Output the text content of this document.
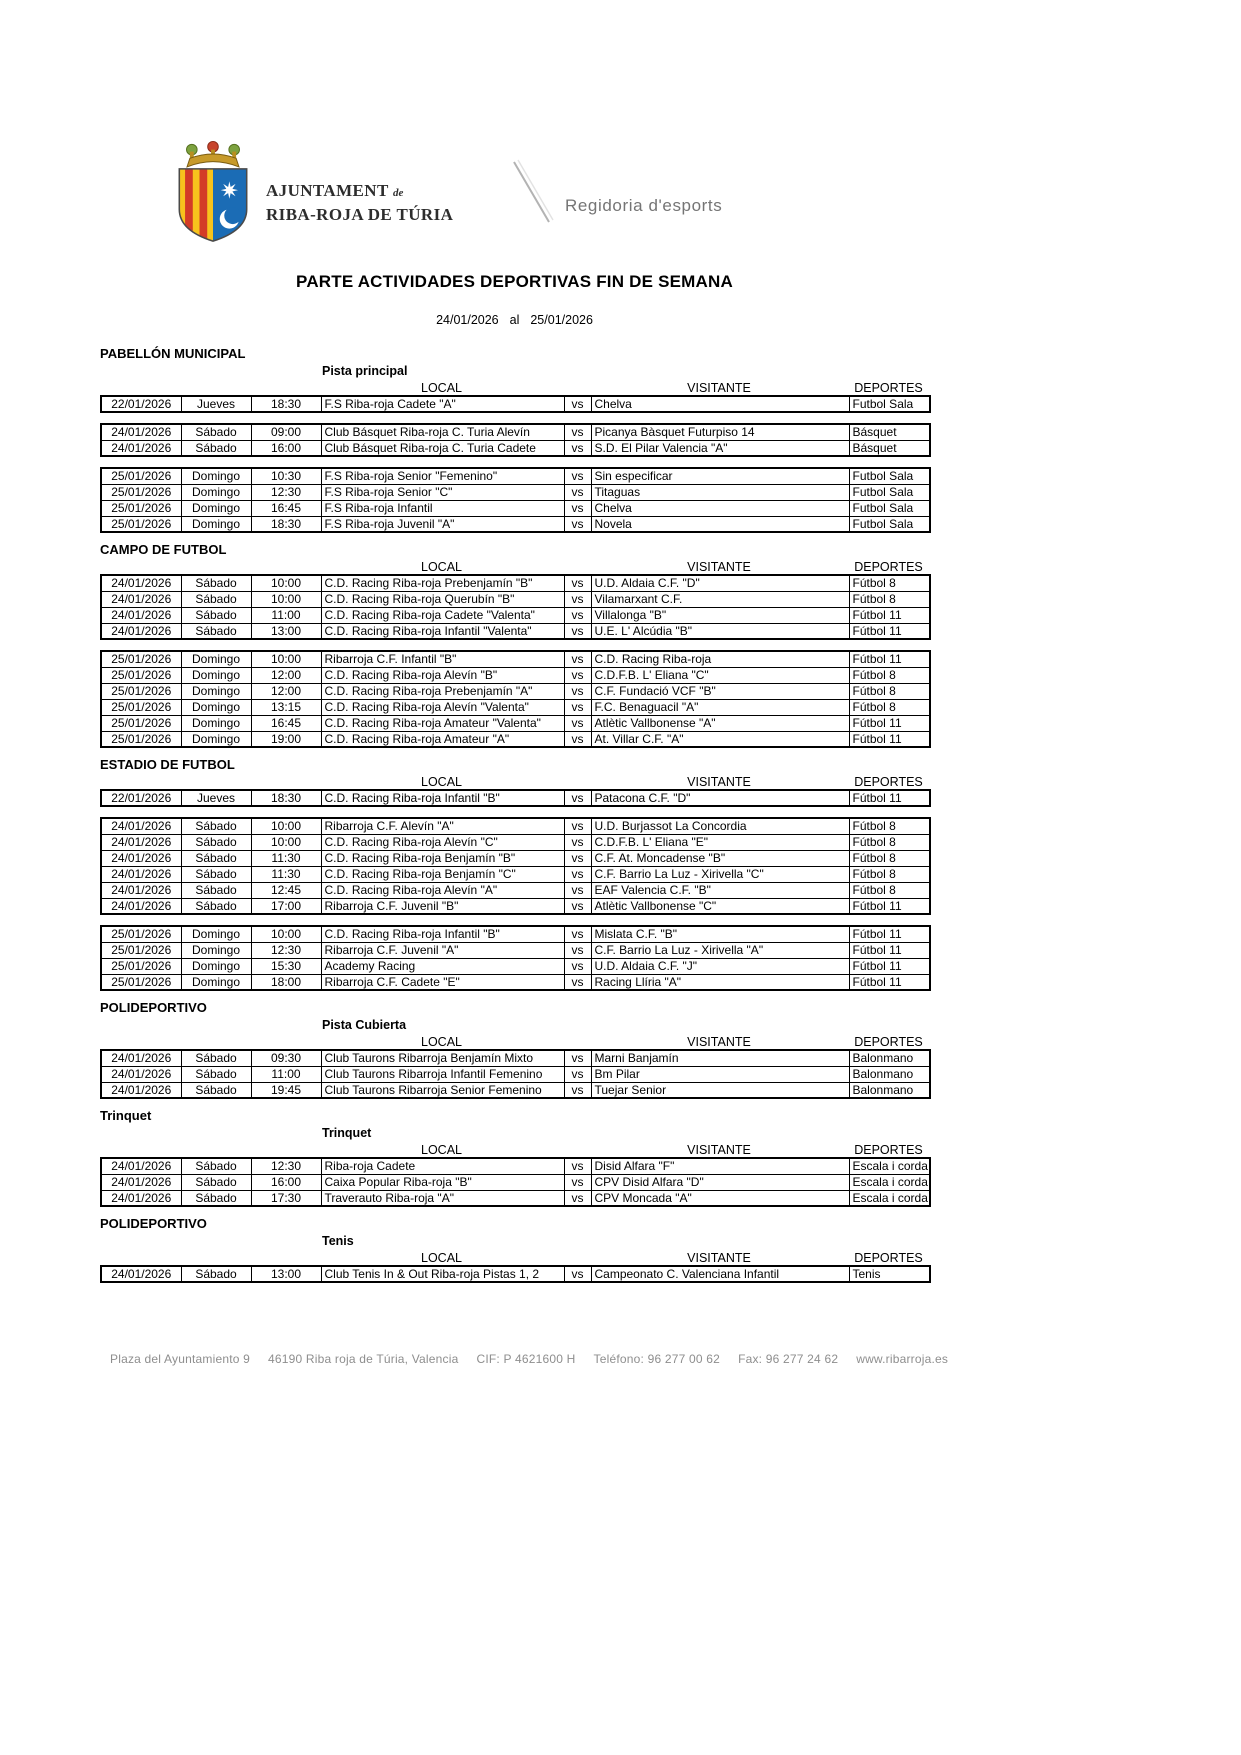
AJUNTAMENT de
RIBA-ROJA DE TÚRIA	Regidoria d'esports
PARTE ACTIVIDADES DEPORTIVAS FIN DE SEMANA
24/01/2026 al 25/01/2026
PABELLÓN MUNICIPAL
Pista principal
LOCAL	VISITANTE	DEPORTES
22/01/2026	Jueves	18:30	F.S Riba-roja Cadete "A"	vs	Chelva	Futbol Sala
24/01/2026	Sábado	09:00	Club Básquet Riba-roja C. Turia Alevín	vs	Picanya Bàsquet Futurpiso 14	Básquet
24/01/2026	Sábado	16:00	Club Básquet Riba-roja C. Turia Cadete	vs	S.D. El Pilar Valencia "A"	Básquet
25/01/2026	Domingo	10:30	F.S Riba-roja Senior "Femenino"	vs	Sin especificar	Futbol Sala
25/01/2026	Domingo	12:30	F.S Riba-roja Senior "C"	vs	Titaguas	Futbol Sala
25/01/2026	Domingo	16:45	F.S Riba-roja Infantil	vs	Chelva	Futbol Sala
25/01/2026	Domingo	18:30	F.S Riba-roja Juvenil "A"	vs	Novela	Futbol Sala
CAMPO DE FUTBOL
LOCAL	VISITANTE	DEPORTES
24/01/2026	Sábado	10:00	C.D. Racing Riba-roja Prebenjamín "B"	vs	U.D. Aldaia C.F. "D"	Fútbol 8
24/01/2026	Sábado	10:00	C.D. Racing Riba-roja Querubín "B"	vs	Vilamarxant C.F.	Fútbol 8
24/01/2026	Sábado	11:00	C.D. Racing Riba-roja Cadete "Valenta"	vs	Villalonga "B"	Fútbol 11
24/01/2026	Sábado	13:00	C.D. Racing Riba-roja Infantil "Valenta"	vs	U.E. L' Alcúdia "B"	Fútbol 11
25/01/2026	Domingo	10:00	Ribarroja C.F. Infantil "B"	vs	C.D. Racing Riba-roja	Fútbol 11
25/01/2026	Domingo	12:00	C.D. Racing Riba-roja Alevín "B"	vs	C.D.F.B. L' Eliana "C"	Fútbol 8
25/01/2026	Domingo	12:00	C.D. Racing Riba-roja Prebenjamín "A"	vs	C.F. Fundació VCF "B"	Fútbol 8
25/01/2026	Domingo	13:15	C.D. Racing Riba-roja Alevín "Valenta"	vs	F.C. Benaguacil "A"	Fútbol 8
25/01/2026	Domingo	16:45	C.D. Racing Riba-roja Amateur "Valenta"	vs	Atlètic Vallbonense "A"	Fútbol 11
25/01/2026	Domingo	19:00	C.D. Racing Riba-roja Amateur "A"	vs	At. Villar C.F. "A"	Fútbol 11
ESTADIO DE FUTBOL
LOCAL	VISITANTE	DEPORTES
22/01/2026	Jueves	18:30	C.D. Racing Riba-roja Infantil "B"	vs	Patacona C.F. "D"	Fútbol 11
24/01/2026	Sábado	10:00	Ribarroja C.F. Alevín "A"	vs	U.D. Burjassot La Concordia	Fútbol 8
24/01/2026	Sábado	10:00	C.D. Racing Riba-roja Alevín "C"	vs	C.D.F.B. L' Eliana "E"	Fútbol 8
24/01/2026	Sábado	11:30	C.D. Racing Riba-roja Benjamín "B"	vs	C.F. At. Moncadense "B"	Fútbol 8
24/01/2026	Sábado	11:30	C.D. Racing Riba-roja Benjamín "C"	vs	C.F. Barrio La Luz - Xirivella "C"	Fútbol 8
24/01/2026	Sábado	12:45	C.D. Racing Riba-roja Alevín "A"	vs	EAF Valencia C.F. "B"	Fútbol 8
24/01/2026	Sábado	17:00	Ribarroja C.F. Juvenil "B"	vs	Atlètic Vallbonense "C"	Fútbol 11
25/01/2026	Domingo	10:00	C.D. Racing Riba-roja Infantil "B"	vs	Mislata C.F. "B"	Fútbol 11
25/01/2026	Domingo	12:30	Ribarroja C.F. Juvenil "A"	vs	C.F. Barrio La Luz - Xirivella "A"	Fútbol 11
25/01/2026	Domingo	15:30	Academy Racing	vs	U.D. Aldaia C.F. "J"	Fútbol 11
25/01/2026	Domingo	18:00	Ribarroja C.F. Cadete "E"	vs	Racing Llíria "A"	Fútbol 11
POLIDEPORTIVO
Pista Cubierta
LOCAL	VISITANTE	DEPORTES
24/01/2026	Sábado	09:30	Club Taurons Ribarroja Benjamín Mixto	vs	Marni Banjamín	Balonmano
24/01/2026	Sábado	11:00	Club Taurons Ribarroja Infantil Femenino	vs	Bm Pilar	Balonmano
24/01/2026	Sábado	19:45	Club Taurons Ribarroja Senior Femenino	vs	Tuejar Senior	Balonmano
Trinquet
Trinquet
LOCAL	VISITANTE	DEPORTES
24/01/2026	Sábado	12:30	Riba-roja Cadete	vs	Disid Alfara "F"	Escala i corda
24/01/2026	Sábado	16:00	Caixa Popular Riba-roja "B"	vs	CPV Disid Alfara "D"	Escala i corda
24/01/2026	Sábado	17:30	Traverauto Riba-roja "A"	vs	CPV Moncada "A"	Escala i corda
POLIDEPORTIVO
Tenis
LOCAL	VISITANTE	DEPORTES
24/01/2026	Sábado	13:00	Club Tenis In & Out Riba-roja Pistas 1, 2	vs	Campeonato C. Valenciana Infantil	Tenis
Plaza del Ayuntamiento 9 46190 Riba roja de Túria, Valencia CIF: P 4621600 H Teléfono: 96 277 00 62 Fax: 96 277 24 62 www.ribarroja.es
